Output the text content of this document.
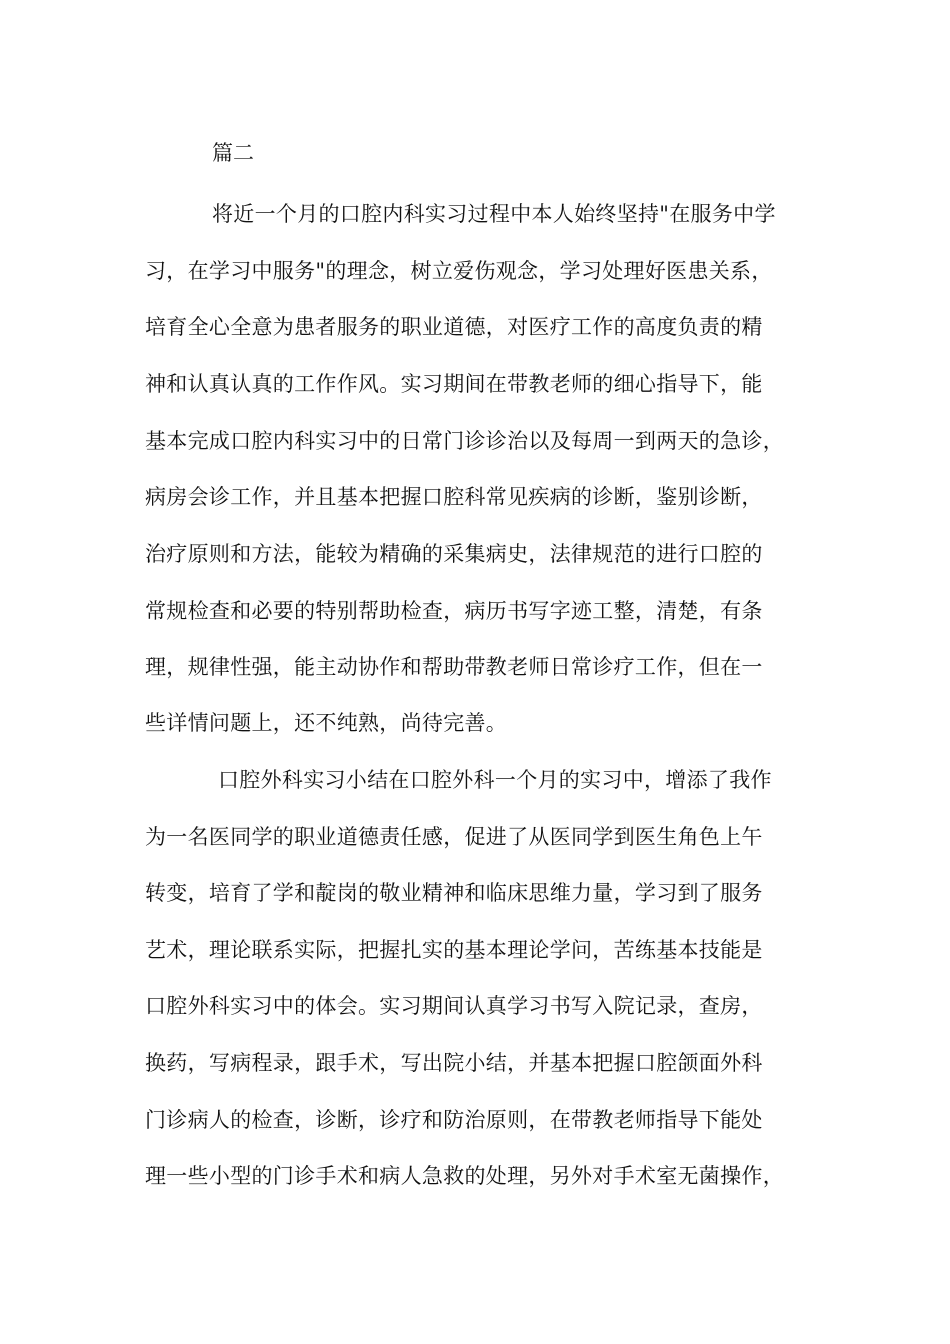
篇二
将近一个月的口腔内科实习过程中本人始终坚持"在服务中学
习，在学习中服务"的理念，树立爱伤观念，学习处理好医患关系，
培育全心全意为患者服务的职业道德，对医疗工作的高度负责的精
神和认真认真的工作作风。实习期间在带教老师的细心指导下，能
基本完成口腔内科实习中的日常门诊诊治以及每周一到两天的急诊，
病房会诊工作，并且基本把握口腔科常见疾病的诊断，鉴别诊断，
治疗原则和方法，能较为精确的采集病史，法律规范的进行口腔的
常规检查和必要的特别帮助检查，病历书写字迹工整，清楚，有条
理，规律性强，能主动协作和帮助带教老师日常诊疗工作，但在一
些详情问题上，还不纯熟，尚待完善。
口腔外科实习小结在口腔外科一个月的实习中，增添了我作
为一名医同学的职业道德责任感，促进了从医同学到医生角色上午
转变，培育了学和靛岗的敬业精神和临床思维力量，学习到了服务
艺术，理论联系实际，把握扎实的基本理论学问，苦练基本技能是
口腔外科实习中的体会。实习期间认真学习书写入院记录，查房，
换药，写病程录，跟手术，写出院小结，并基本把握口腔颌面外科
门诊病人的检查，诊断，诊疗和防治原则，在带教老师指导下能处
理一些小型的门诊手术和病人急救的处理，另外对手术室无菌操作，
